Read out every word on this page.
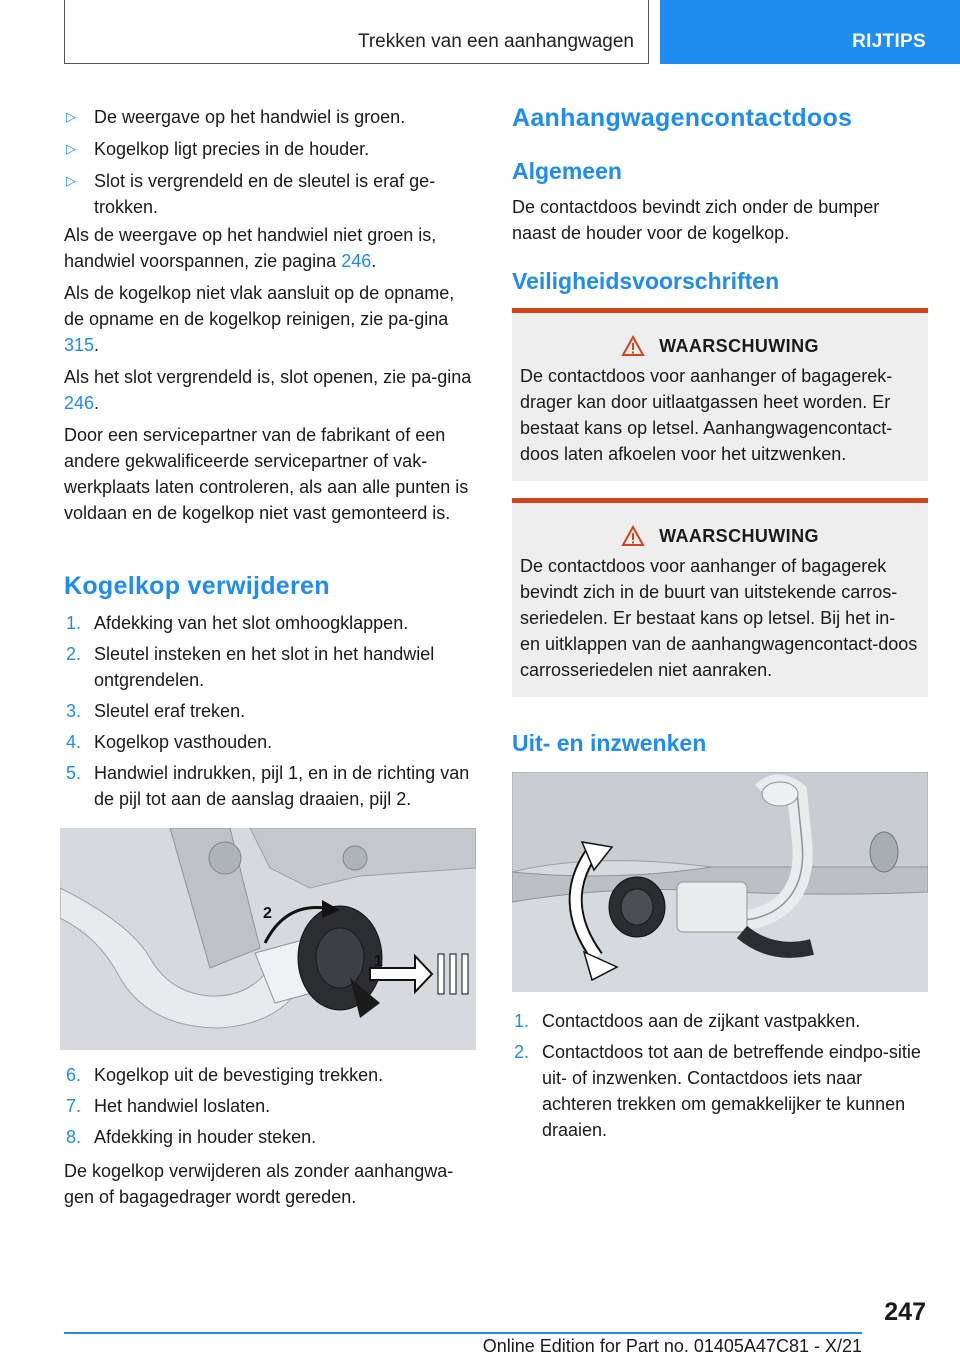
Trekken van een aanhangwagen	RIJTIPS
▷ De weergave op het handwiel is groen.
▷ Kogelkop ligt precies in de houder.
▷ Slot is vergrendeld en de sleutel is eraf ge-
trokken.

Als de weergave op het handwiel niet groen is, handwiel voorspannen, zie pagina 246.

Als de kogelkop niet vlak aansluit op de opname, de opname en de kogelkop reinigen, zie pa-gina 315.

Als het slot vergrendeld is, slot openen, zie pa-gina 246.

Door een servicepartner van de fabrikant of een andere gekwalificeerde servicepartner of vak-werkplaats laten controleren, als aan alle punten is voldaan en de kogelkop niet vast gemonteerd is.

Kogelkop verwijderen
1. Afdekking van het slot omhoogklappen.
2. Sleutel insteken en het slot in het handwiel ontgrendelen.
3. Sleutel eraf treken.
4. Kogelkop vasthouden.
5. Handwiel indrukken, pijl 1, en in de richting van de pijl tot aan de aanslag draaien, pijl 2.
2
1
6. Kogelkop uit de bevestiging trekken.
7. Het handwiel loslaten.
8. Afdekking in houder steken.

De kogelkop verwijderen als zonder aanhangwa-gen of bagagedrager wordt gereden.

Aanhangwagencontactdoos
Algemeen

De contactdoos bevindt zich onder de bumper naast de houder voor de kogelkop.

Veiligheidsvoorschriften
WAARSCHUWING

De contactdoos voor aanhanger of bagagerek-drager kan door uitlaatgassen heet worden. Er bestaat kans op letsel. Aanhangwagencontact-doos laten afkoelen voor het uitzwenken.

WAARSCHUWING

De contactdoos voor aanhanger of bagagerek bevindt zich in de buurt van uitstekende carros-seriedelen. Er bestaat kans op letsel. Bij het in- en uitklappen van de aanhangwagencontact-doos carrosseriedelen niet aanraken.

Uit- en inzwenken
1. Contactdoos aan de zijkant vastpakken.
2. Contactdoos tot aan de betreffende eindpo-sitie uit- of inzwenken. Contactdoos iets naar achteren trekken om gemakkelijker te kunnen draaien.
247
Online Edition for Part no. 01405A47C81 - X/21
